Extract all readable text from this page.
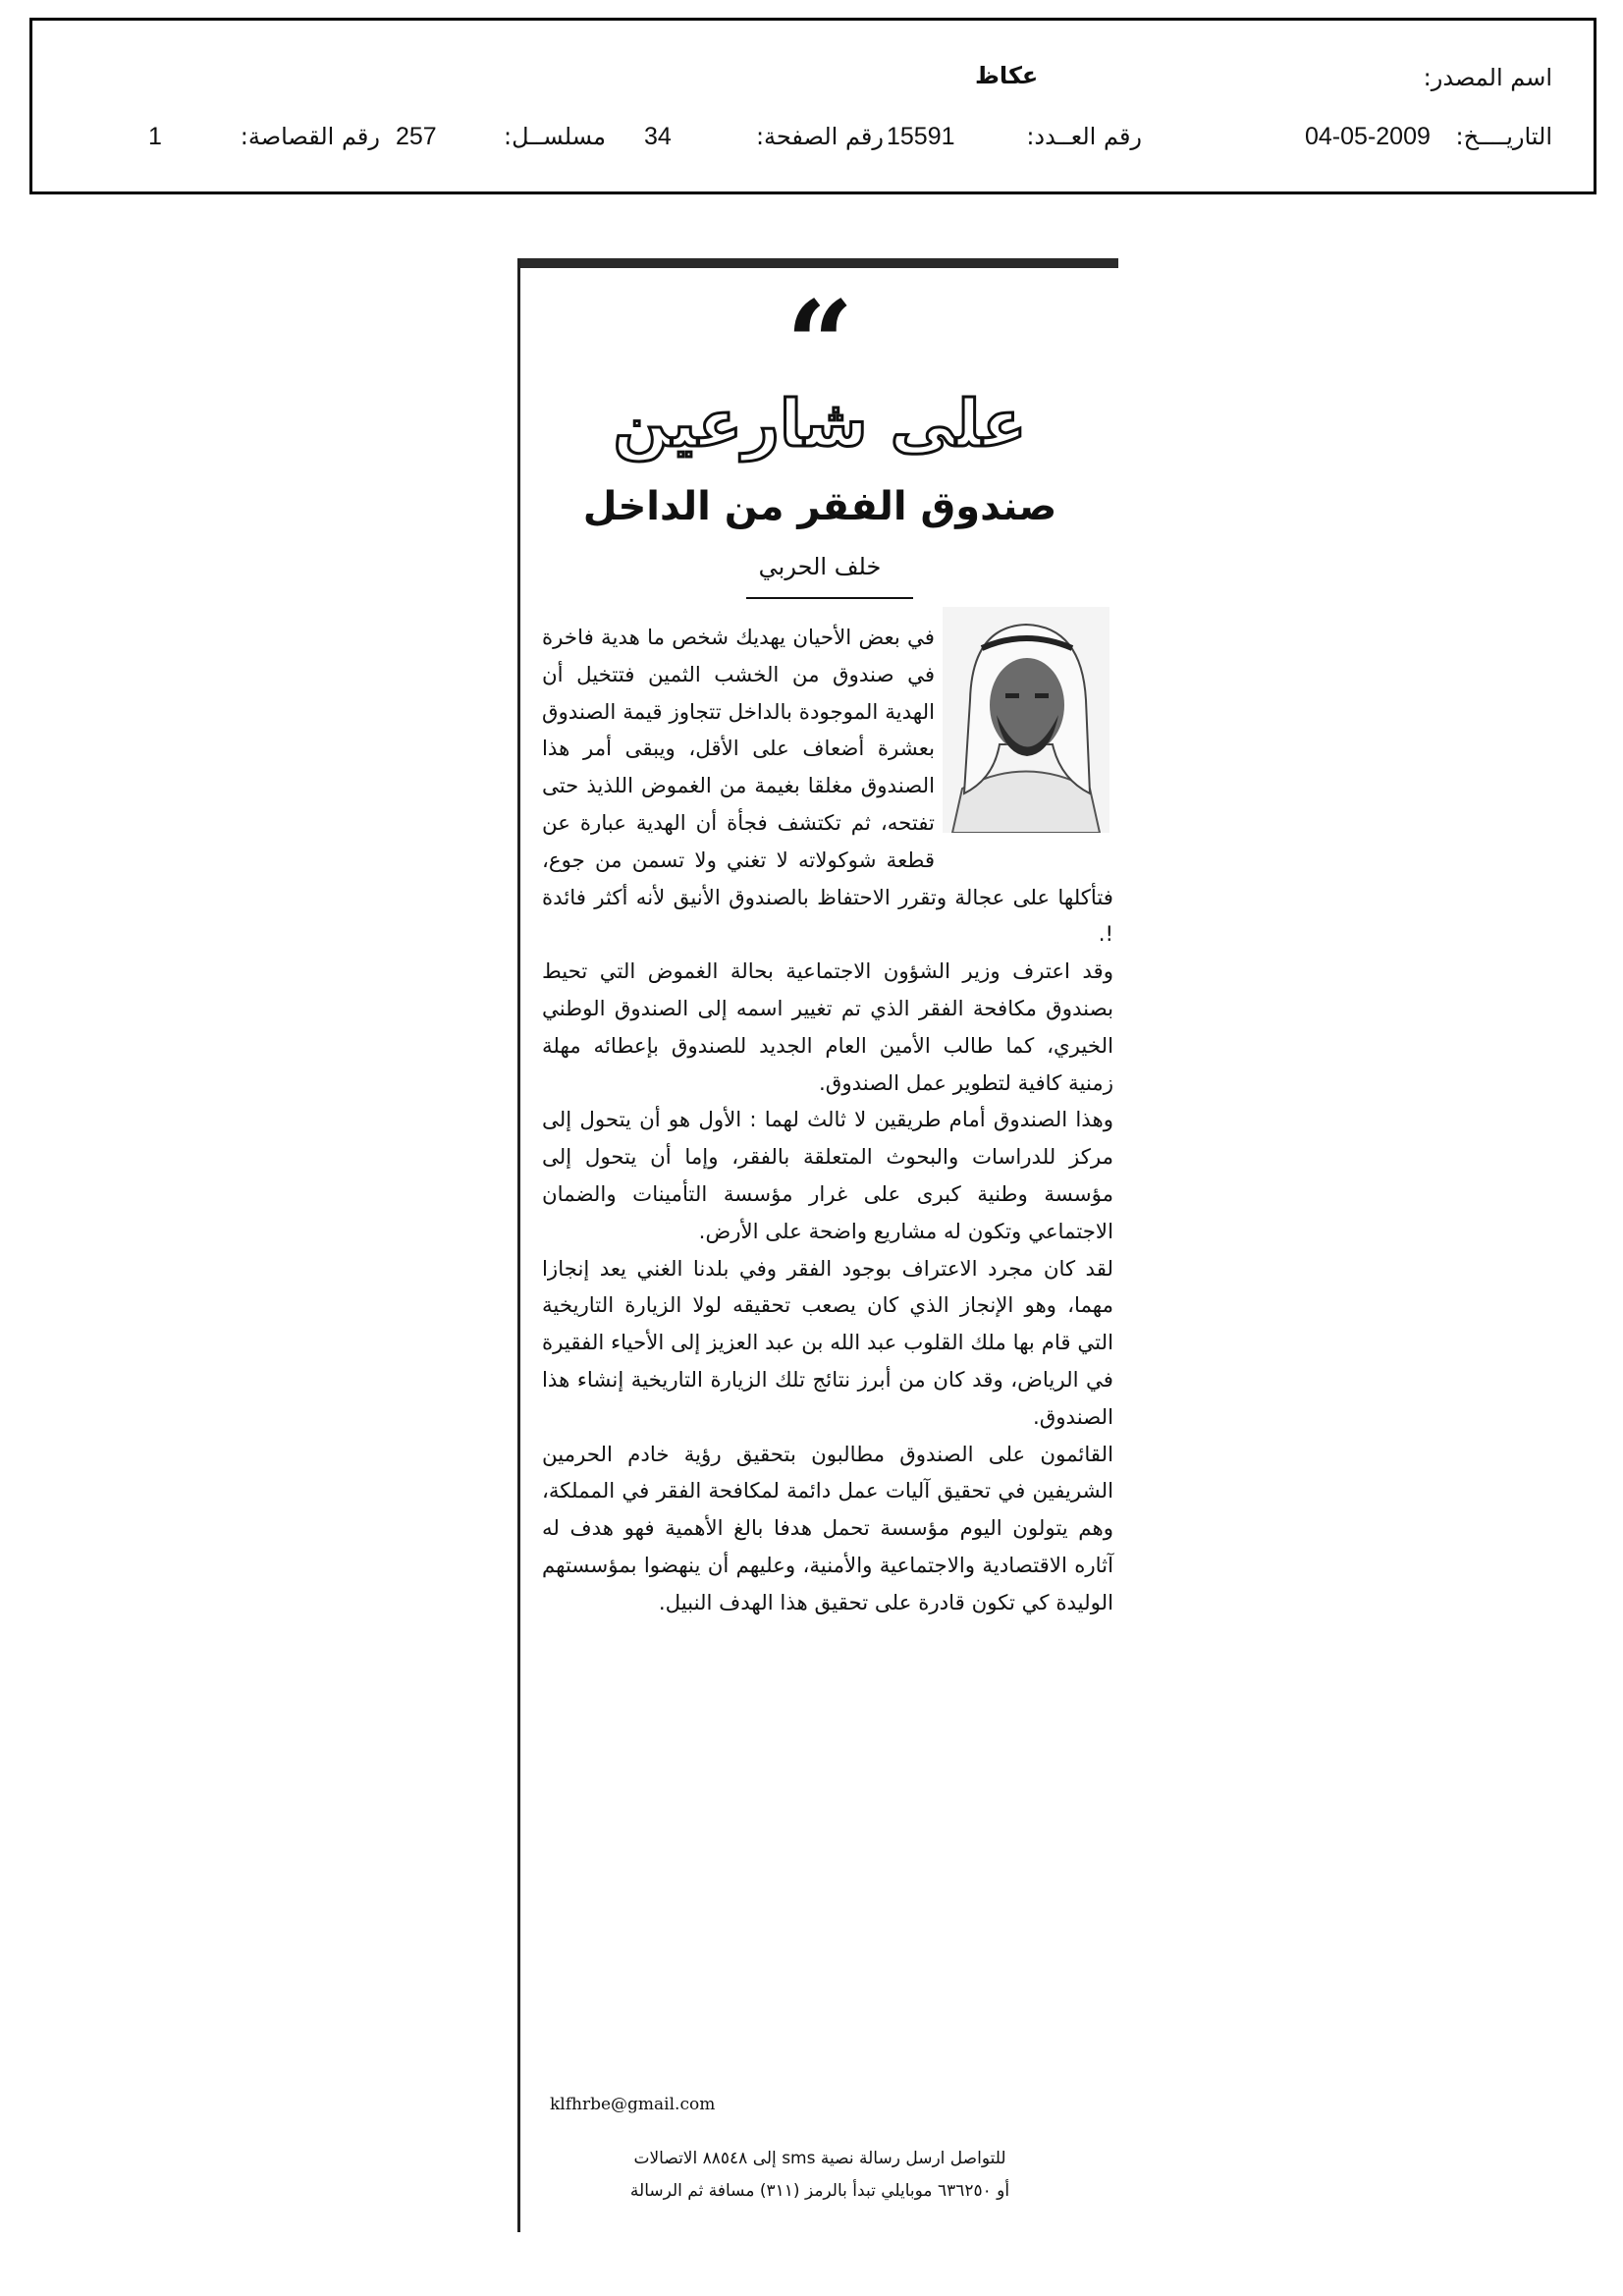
اسم المصدر:
عكاظ
التاريــــخ:
04-05-2009
رقم العــدد:
15591
رقم الصفحة:
34
مسلســل:
257
رقم القصاصة:
1
“
على شارعين
صندوق الفقر من الداخل
خلف الحربي

في بعض الأحيان يهديك شخص ما هدية فاخرة في صندوق من الخشب الثمين فتتخيل أن الهدية الموجودة بالداخل تتجاوز قيمة الصندوق بعشرة أضعاف على الأقل، ويبقى أمر هذا الصندوق مغلقا بغيمة من الغموض اللذيذ حتى تفتحه، ثم تكتشف فجأة أن الهدية عبارة عن قطعة شوكولاته لا تغني ولا تسمن من جوع، فتأكلها على عجالة وتقرر الاحتفاظ بالصندوق الأنيق لأنه أكثر فائدة !.

وقد اعترف وزير الشؤون الاجتماعية بحالة الغموض التي تحيط بصندوق مكافحة الفقر الذي تم تغيير اسمه إلى الصندوق الوطني الخيري، كما طالب الأمين العام الجديد للصندوق بإعطائه مهلة زمنية كافية لتطوير عمل الصندوق.

وهذا الصندوق أمام طريقين لا ثالث لهما : الأول هو أن يتحول إلى مركز للدراسات والبحوث المتعلقة بالفقر، وإما أن يتحول إلى مؤسسة وطنية كبرى على غرار مؤسسة التأمينات والضمان الاجتماعي وتكون له مشاريع واضحة على الأرض.

لقد كان مجرد الاعتراف بوجود الفقر وفي بلدنا الغني يعد إنجازا مهما، وهو الإنجاز الذي كان يصعب تحقيقه لولا الزيارة التاريخية التي قام بها ملك القلوب عبد الله بن عبد العزيز إلى الأحياء الفقيرة في الرياض، وقد كان من أبرز نتائج تلك الزيارة التاريخية إنشاء هذا الصندوق.

القائمون على الصندوق مطالبون بتحقيق رؤية خادم الحرمين الشريفين في تحقيق آليات عمل دائمة لمكافحة الفقر في المملكة، وهم يتولون اليوم مؤسسة تحمل هدفا بالغ الأهمية فهو هدف له آثاره الاقتصادية والاجتماعية والأمنية، وعليهم أن ينهضوا بمؤسستهم الوليدة كي تكون قادرة على تحقيق هذا الهدف النبيل.

klfhrbe@gmail.com
للتواصل ارسل رسالة نصية sms إلى ٨٨٥٤٨ الاتصالات
أو ٦٣٦٢٥٠ موبايلي تبدأ بالرمز (٣١١) مسافة ثم الرسالة
